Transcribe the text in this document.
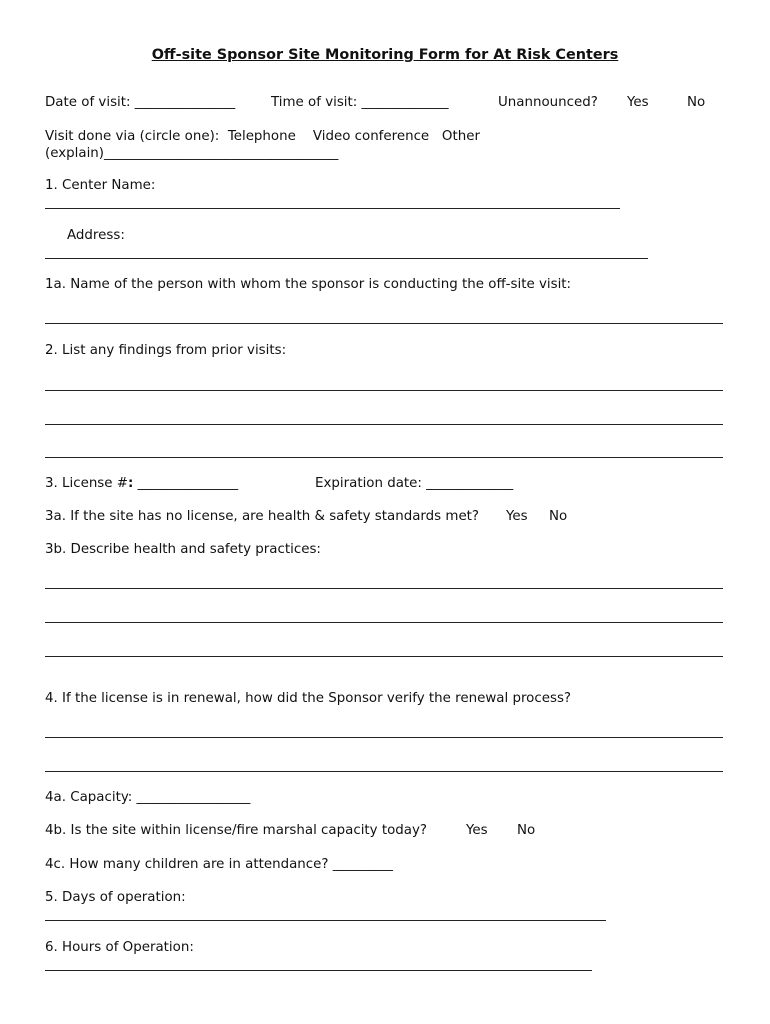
Off-site Sponsor Site Monitoring Form for At Risk Centers
Date of visit: _______________	Time of visit: _____________	Unannounced? Yes	No
Visit done via (circle one):  Telephone    Video conference   Other
(explain)___________________________________
1. Center Name:
Address:
1a. Name of the person with whom the sponsor is conducting the off-site visit:
2. List any findings from prior visits:
3. License #: _______________	Expiration date: _____________
3a. If the site has no license, are health & safety standards met? Yes No
3b. Describe health and safety practices:
4. If the license is in renewal, how did the Sponsor verify the renewal process?
4a. Capacity: _________________
4b. Is the site within license/fire marshal capacity today?	Yes No
4c. How many children are in attendance? _________
5. Days of operation:
6. Hours of Operation:
